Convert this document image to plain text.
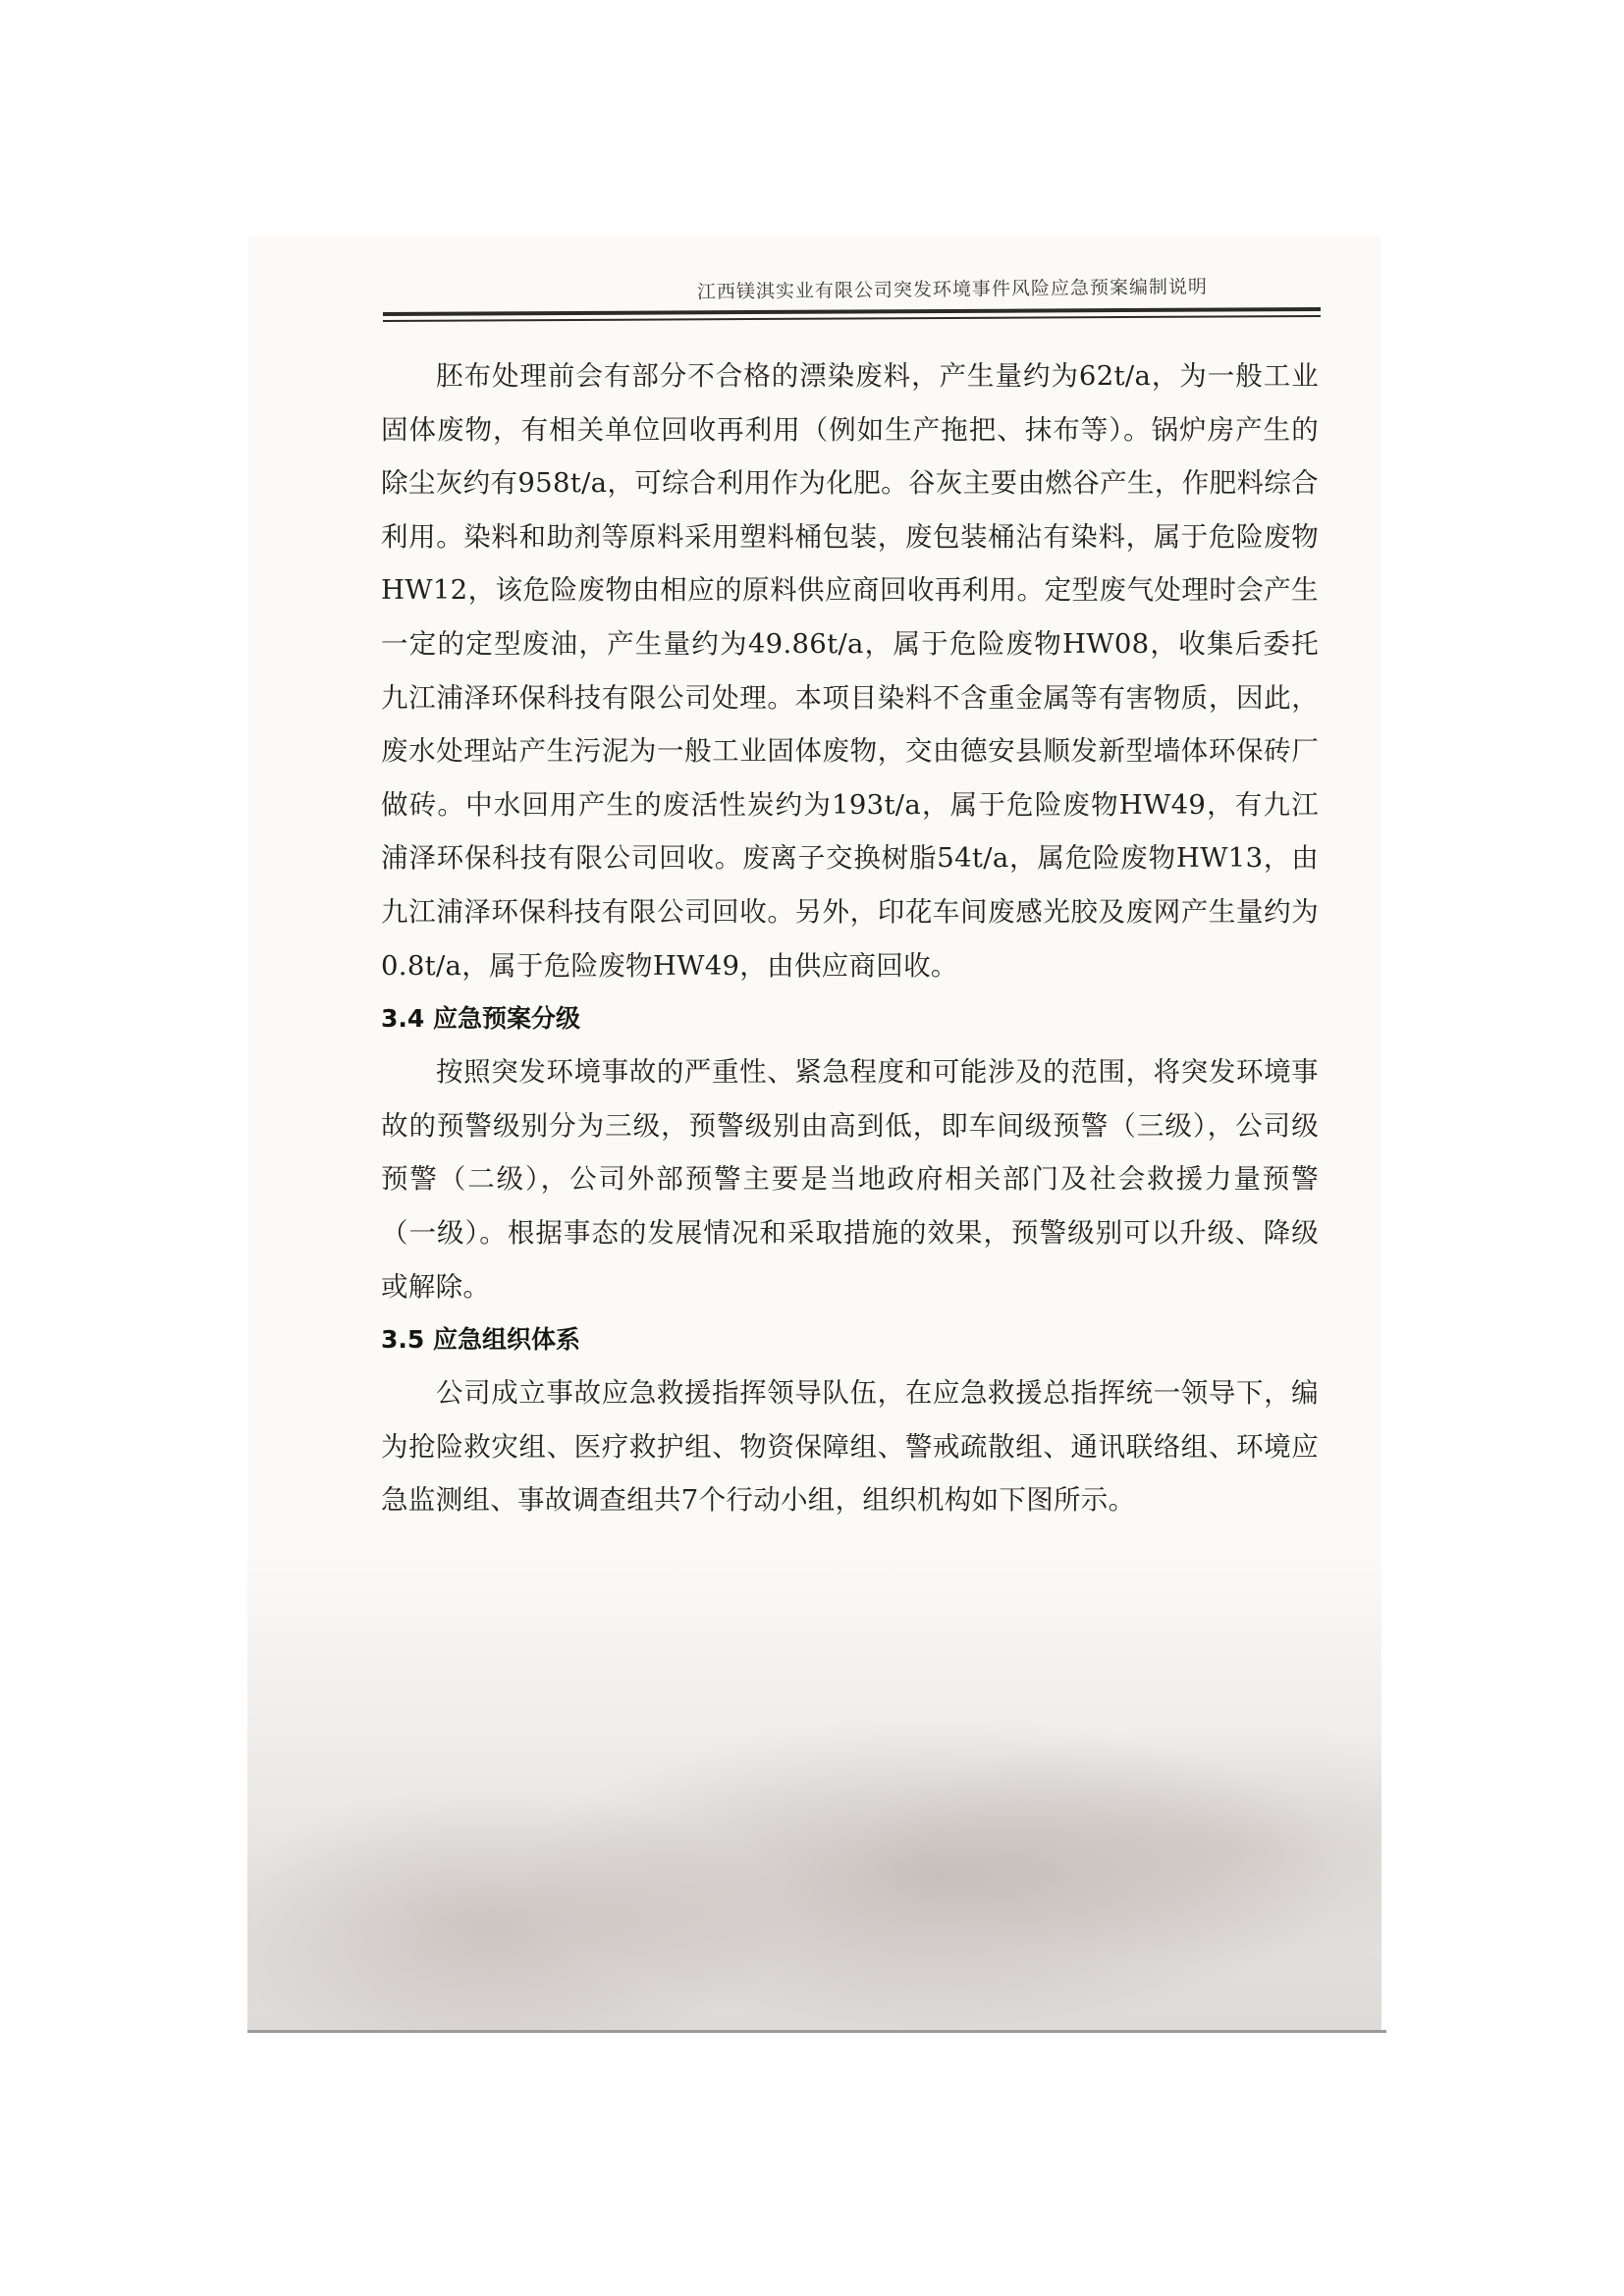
江西镁淇实业有限公司突发环境事件风险应急预案编制说明

胚布处理前会有部分不合格的漂染废料，产生量约为62t/a，为一般工业固体废物，有相关单位回收再利用（例如生产拖把、抹布等）。锅炉房产生的除尘灰约有958t/a，可综合利用作为化肥。谷灰主要由燃谷产生，作肥料综合利用。染料和助剂等原料采用塑料桶包装，废包装桶沾有染料，属于危险废物HW12，该危险废物由相应的原料供应商回收再利用。定型废气处理时会产生一定的定型废油，产生量约为49.86t/a，属于危险废物HW08，收集后委托九江浦泽环保科技有限公司处理。本项目染料不含重金属等有害物质，因此，废水处理站产生污泥为一般工业固体废物，交由德安县顺发新型墙体环保砖厂做砖。中水回用产生的废活性炭约为193t/a，属于危险废物HW49，有九江浦泽环保科技有限公司回收。废离子交换树脂54t/a，属危险废物HW13，由九江浦泽环保科技有限公司回收。另外，印花车间废感光胶及废网产生量约为0.8t/a，属于危险废物HW49，由供应商回收。

3.4 应急预案分级

按照突发环境事故的严重性、紧急程度和可能涉及的范围，将突发环境事故的预警级别分为三级，预警级别由高到低，即车间级预警（三级），公司级预警（二级），公司外部预警主要是当地政府相关部门及社会救援力量预警（一级）。根据事态的发展情况和采取措施的效果，预警级别可以升级、降级或解除。

3.5 应急组织体系

公司成立事故应急救援指挥领导队伍，在应急救援总指挥统一领导下，编为抢险救灾组、医疗救护组、物资保障组、警戒疏散组、通讯联络组、环境应急监测组、事故调查组共7个行动小组，组织机构如下图所示。
